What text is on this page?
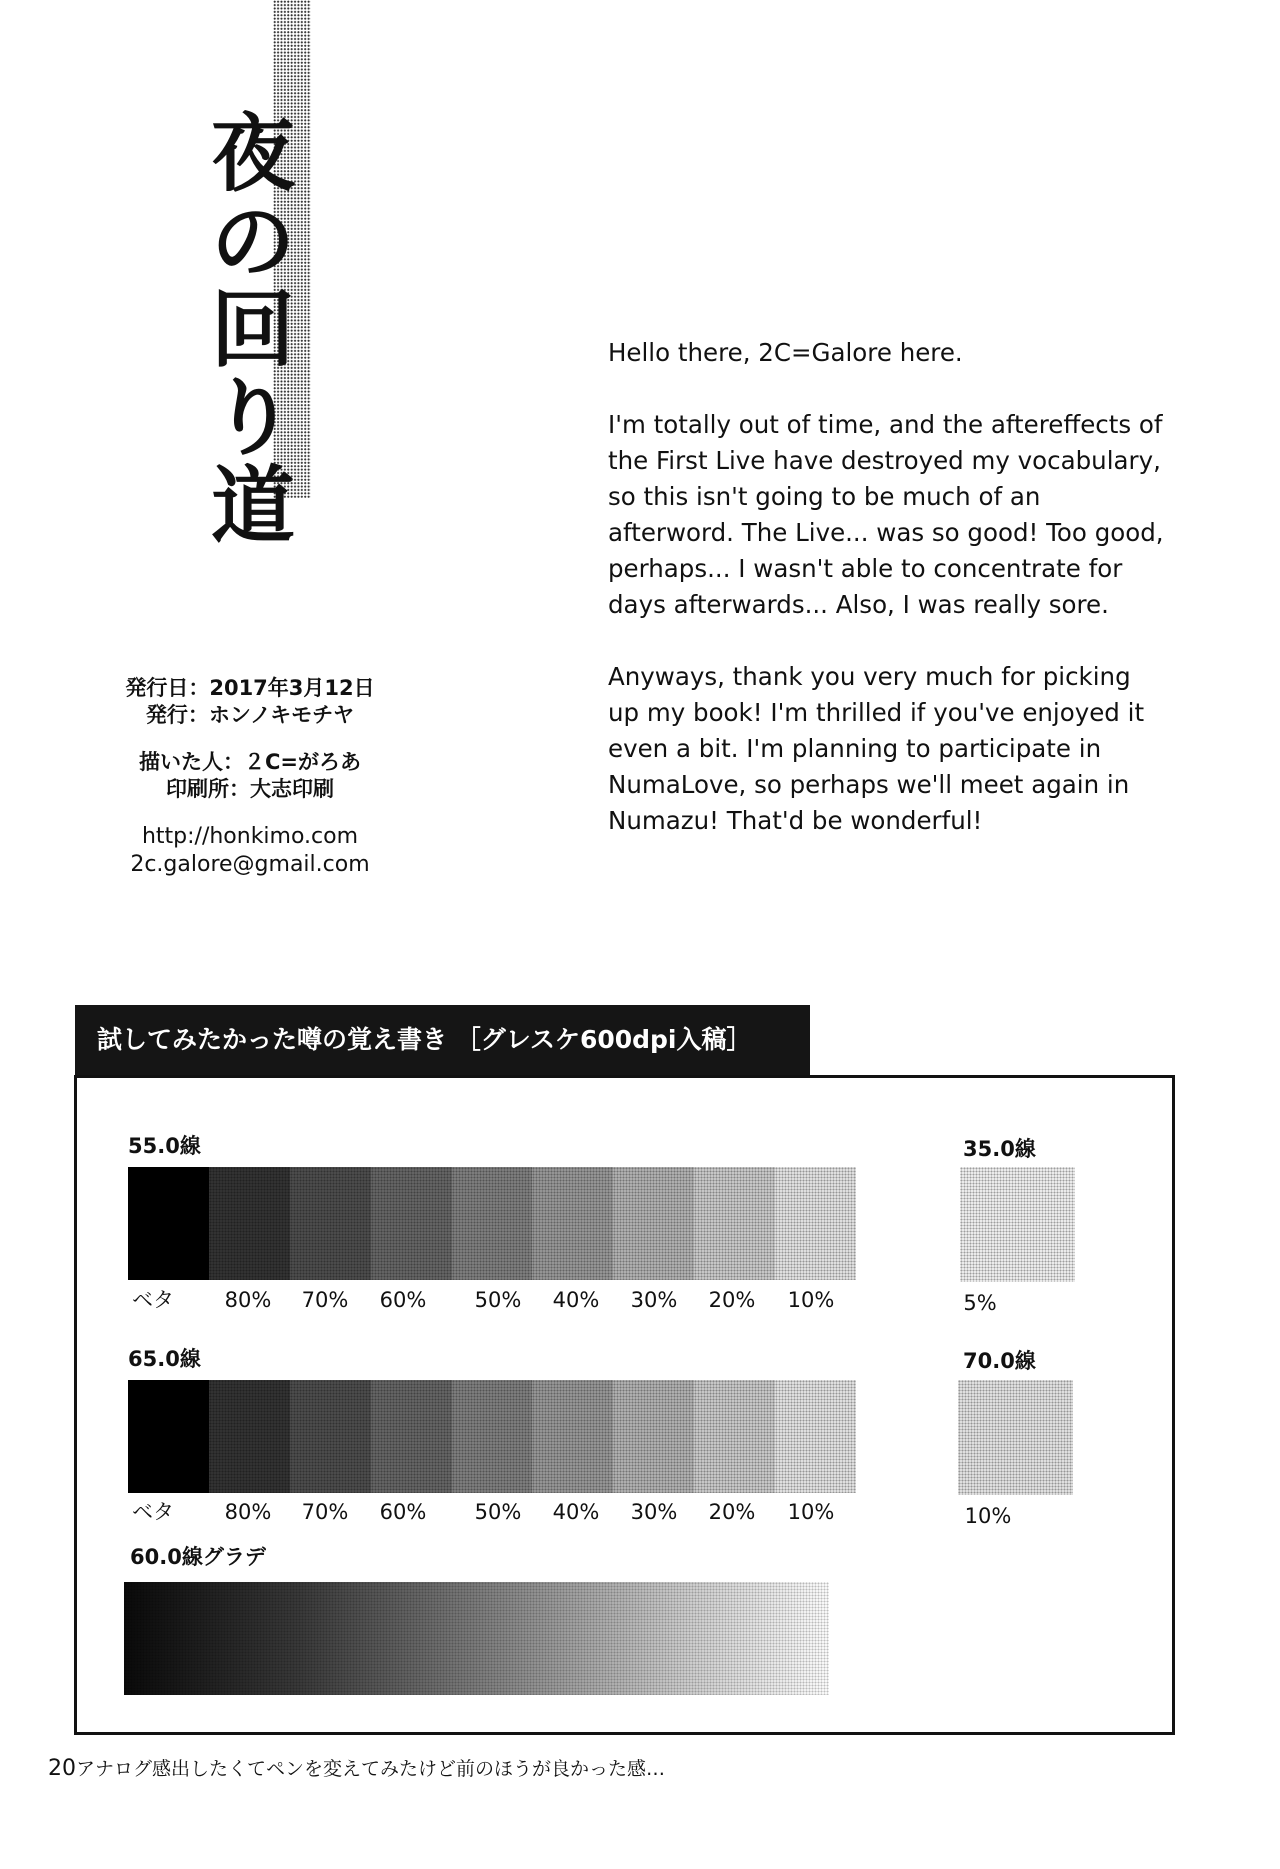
夜
の
回
り
道
発行日：2017年3月12日
発行：ホンノキモチヤ
描いた人：２C=がろあ
印刷所：大志印刷
http://honkimo.com
2c.galore@gmail.com

Hello there, 2C=Galore here.

I'm totally out of time, and the aftereffects of the First Live have destroyed my vocabulary, so this isn't going to be much of an afterword. The Live... was so good! Too good, perhaps... I wasn't able to concentrate for days afterwards... Also, I was really sore.

Anyways, thank you very much for picking up my book! I'm thrilled if you've enjoyed it even a bit. I'm planning to participate in NumaLove, so perhaps we'll meet again in Numazu! That'd be wonderful!

試してみたかった噂の覚え書き ［グレスケ600dpi入稿］
55.0線
ベタ	80%	70%	60%	50%	40%	30%	20%	10%
65.0線
ベタ	80%	70%	60%	50%	40%	30%	20%	10%
35.0線
5%
70.0線
10%
60.0線グラデ
20アナログ感出したくてペンを変えてみたけど前のほうが良かった感…
